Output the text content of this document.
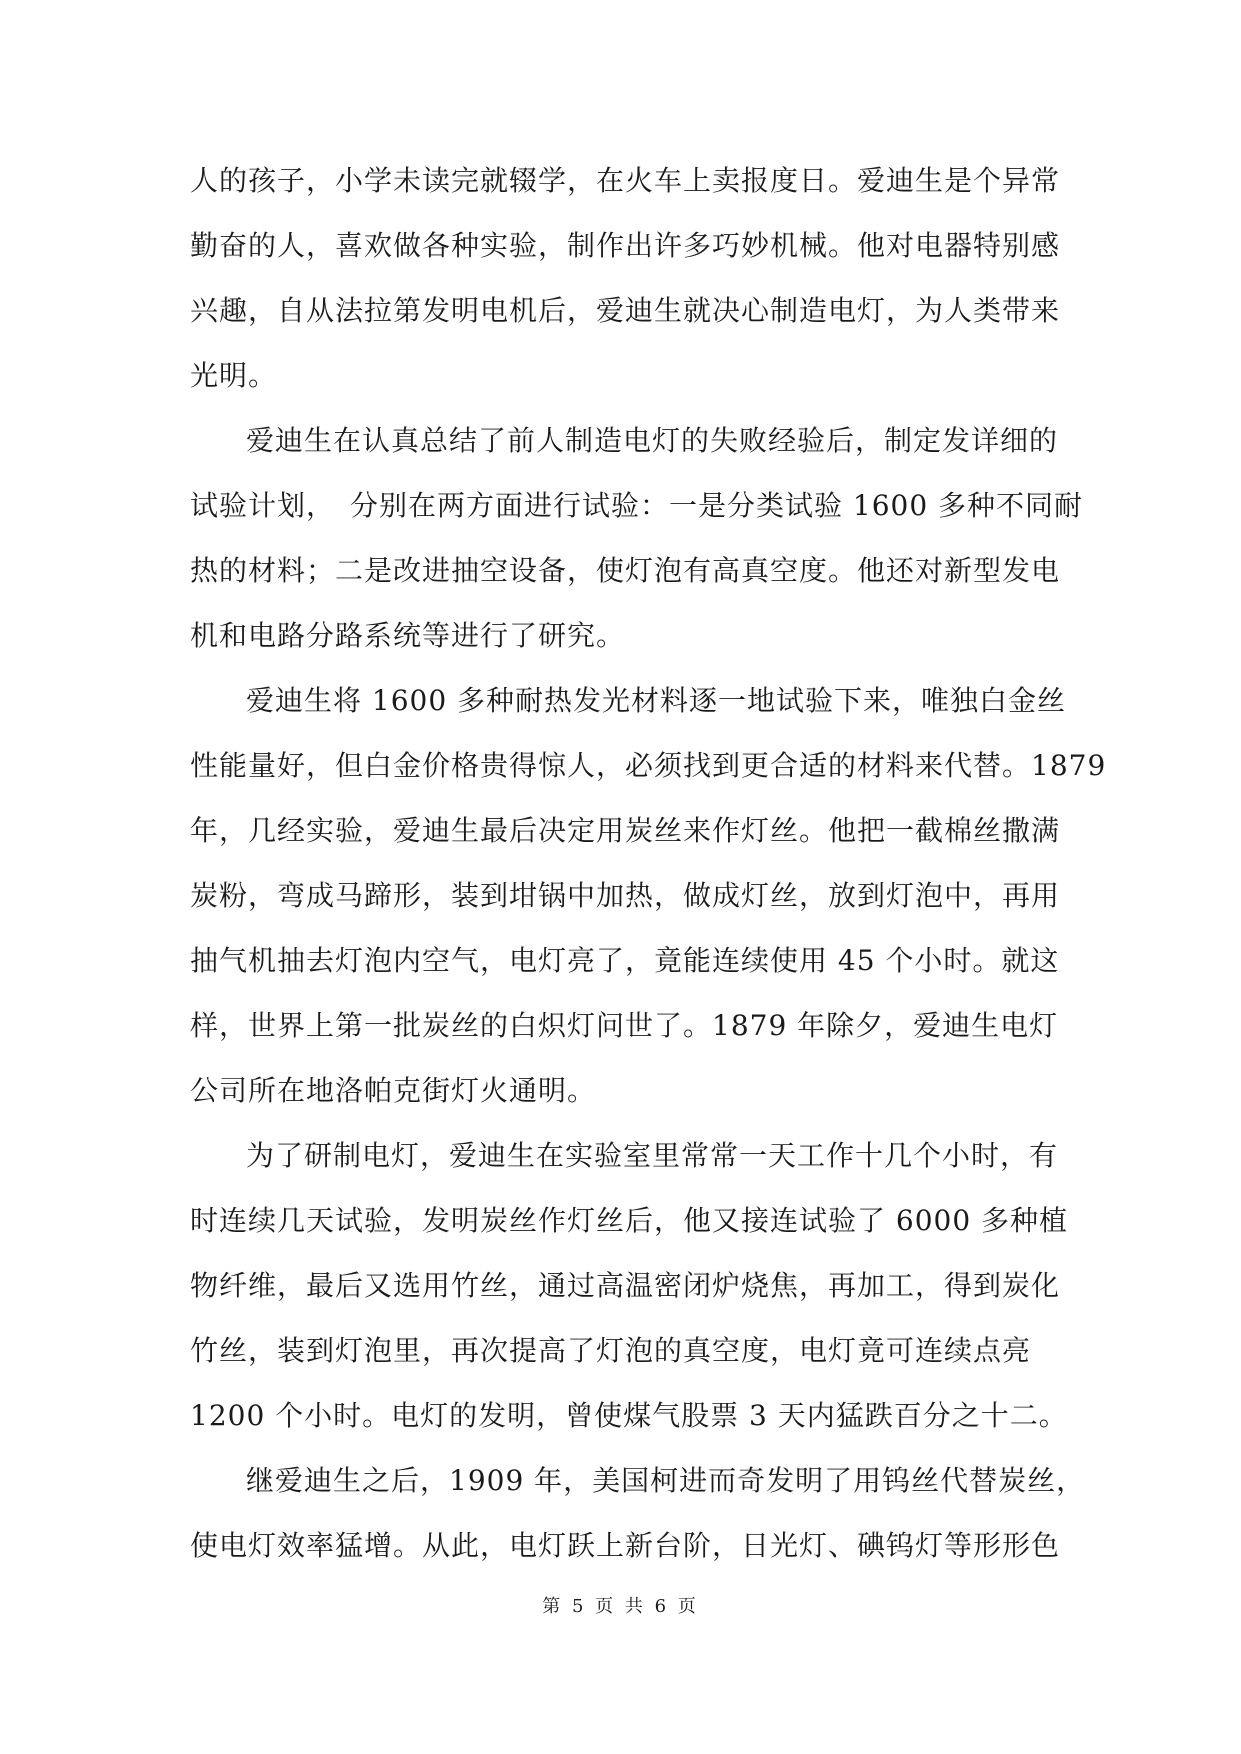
人的孩子，小学未读完就辍学，在火车上卖报度日。爱迪生是个异常
勤奋的人，喜欢做各种实验，制作出许多巧妙机械。他对电器特别感
兴趣，自从法拉第发明电机后，爱迪生就决心制造电灯，为人类带来
光明。
爱迪生在认真总结了前人制造电灯的失败经验后，制定发详细的
试验计划，　分别在两方面进行试验：一是分类试验 1600 多种不同耐
热的材料；二是改进抽空设备，使灯泡有高真空度。他还对新型发电
机和电路分路系统等进行了研究。
爱迪生将 1600 多种耐热发光材料逐一地试验下来，唯独白金丝
性能量好，但白金价格贵得惊人，必须找到更合适的材料来代替。1879
年，几经实验，爱迪生最后决定用炭丝来作灯丝。他把一截棉丝撒满
炭粉，弯成马蹄形，装到坩锅中加热，做成灯丝，放到灯泡中，再用
抽气机抽去灯泡内空气，电灯亮了，竟能连续使用 45 个小时。就这
样，世界上第一批炭丝的白炽灯问世了。1879 年除夕，爱迪生电灯
公司所在地洛帕克街灯火通明。
为了研制电灯，爱迪生在实验室里常常一天工作十几个小时，有
时连续几天试验，发明炭丝作灯丝后，他又接连试验了 6000 多种植
物纤维，最后又选用竹丝，通过高温密闭炉烧焦，再加工，得到炭化
竹丝，装到灯泡里，再次提高了灯泡的真空度，电灯竟可连续点亮
1200 个小时。电灯的发明，曾使煤气股票 3 天内猛跌百分之十二。
继爱迪生之后，1909 年，美国柯进而奇发明了用钨丝代替炭丝，
使电灯效率猛增。从此，电灯跃上新台阶，日光灯、碘钨灯等形形色
第 5 页 共 6 页
